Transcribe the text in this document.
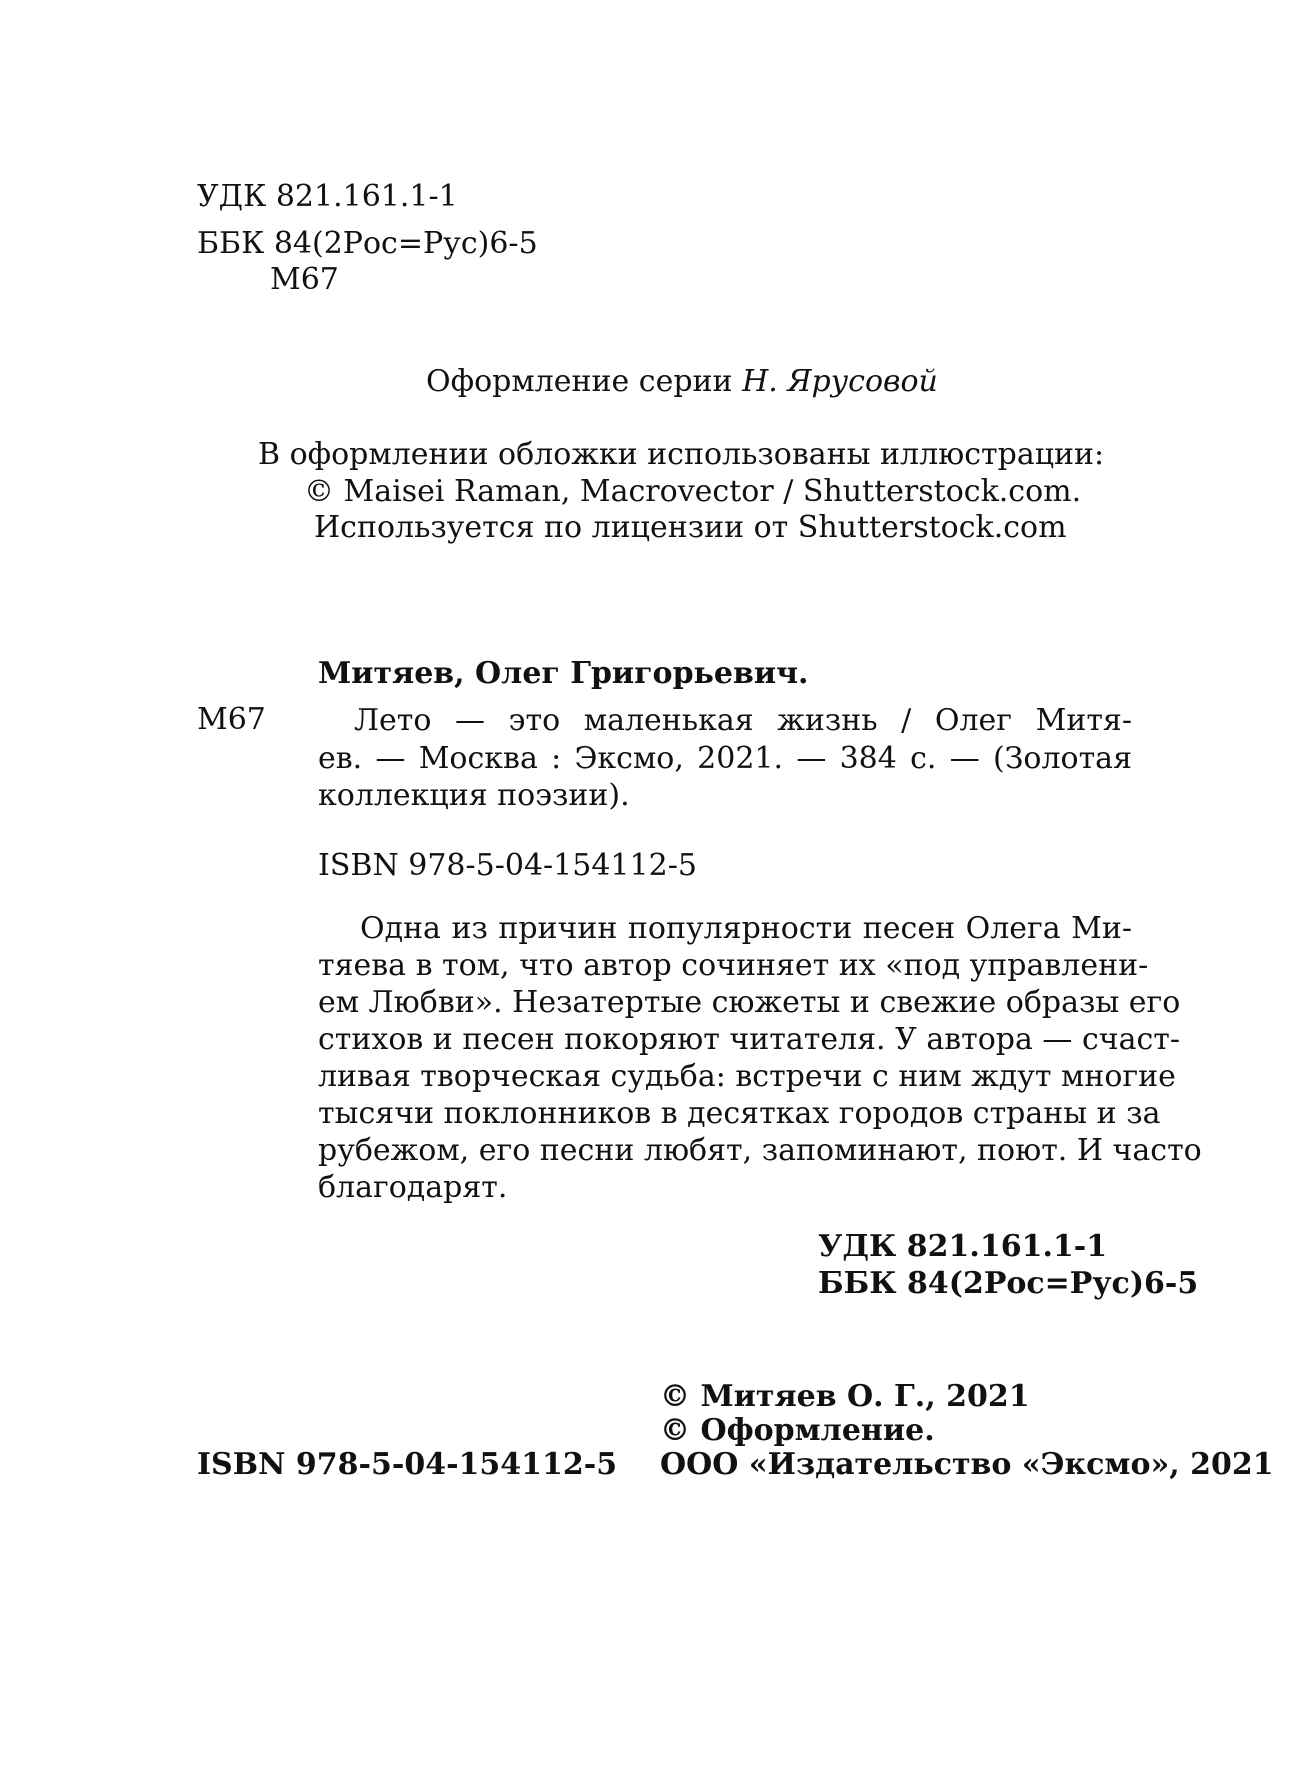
УДК 821.161.1-1
ББК 84(2Рос=Рус)6-5
М67
Оформление серии Н. Ярусовой
В оформлении обложки использованы иллюстрации:
© Maisei Raman, Macrovector / Shutterstock.com.
Используется по лицензии от Shutterstock.com
Митяев, Олег Григорьевич.
М67	Лето — это маленькая жизнь / Олег Митя-
ев. — Москва : Эксмо, 2021. — 384 с. — (Золотая
коллекция поэзии).
ISBN 978-5-04-154112-5
Одна из причин популярности песен Олега Ми-
тяева в том, что автор сочиняет их «под управлени-
ем Любви». Незатертые сюжеты и свежие образы его
стихов и песен покоряют читателя. У автора — счаст-
ливая творческая судьба: встречи с ним ждут многие
тысячи поклонников в десятках городов страны и за
рубежом, его песни любят, запоминают, поют. И часто
благодарят.
УДК 821.161.1-1
ББК 84(2Рос=Рус)6-5
ISBN 978-5-04-154112-5
© Митяев О. Г., 2021
© Оформление.
ООО «Издательство «Эксмо», 2021
